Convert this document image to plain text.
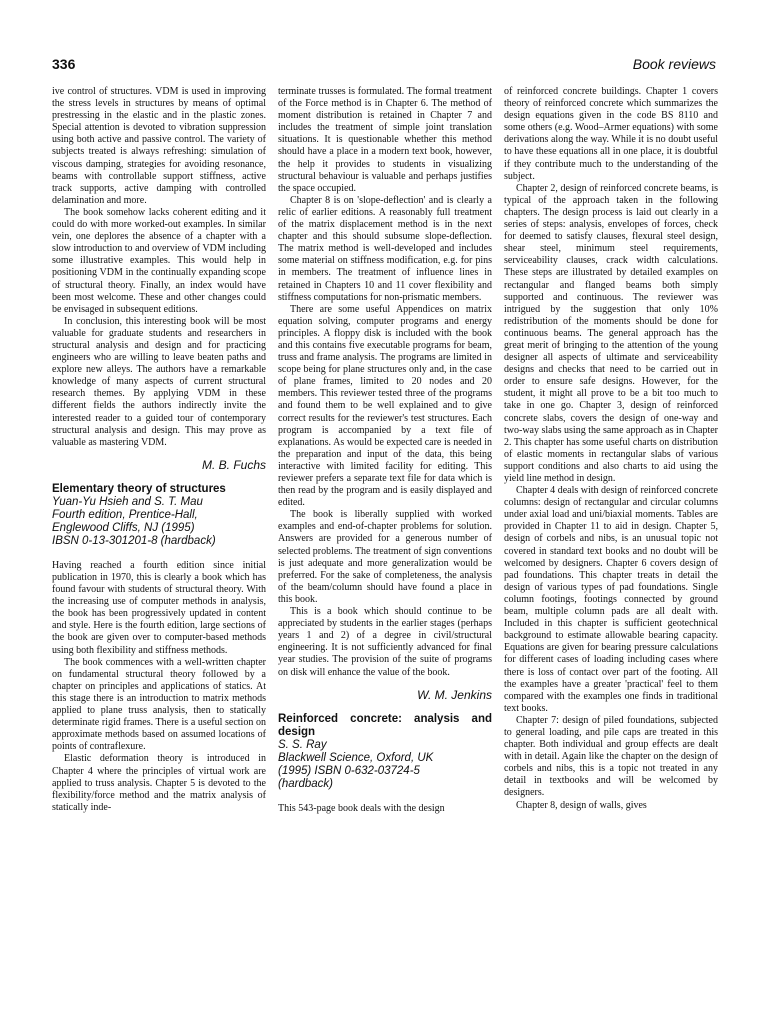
336	Book reviews

ive control of structures. VDM is used in improving the stress levels in structures by means of optimal prestressing in the elastic and in the plastic zones. Special attention is devoted to vibration suppression using both active and passive control. The variety of subjects treated is always refreshing: simulation of viscous damping, strategies for avoiding resonance, beams with controllable support stiffness, active track supports, active damping with controlled delamination and more.

The book somehow lacks coherent editing and it could do with more worked-out examples. In similar vein, one deplores the absence of a chapter with a slow introduction to and overview of VDM including some illustrative examples. This would help in positioning VDM in the continually expanding scope of structural theory. Finally, an index would have been most welcome. These and other changes could be envisaged in subsequent editions.

In conclusion, this interesting book will be most valuable for graduate students and researchers in structural analysis and design and for practicing engineers who are willing to leave beaten paths and explore new alleys. The authors have a remarkable knowledge of many aspects of current structural research themes. By applying VDM in these different fields the authors indirectly invite the interested reader to a guided tour of contemporary structural analysis and design. This may prove as valuable as mastering VDM.

M. B. Fuchs
Elementary theory of structures
Yuan-Yu Hsieh and S. T. Mau
Fourth edition, Prentice-Hall,
Englewood Cliffs, NJ (1995)
IBSN 0-13-301201-8 (hardback)

Having reached a fourth edition since initial publication in 1970, this is clearly a book which has found favour with students of structural theory. With the increasing use of computer methods in analysis, the book has been progressively updated in content and style. Here is the fourth edition, large sections of the book are given over to computer-based methods using both flexibility and stiffness methods.

The book commences with a well-written chapter on fundamental structural theory followed by a chapter on principles and applications of statics. At this stage there is an introduction to matrix methods applied to plane truss analysis, then to statically determinate rigid frames. There is a useful section on approximate methods based on assumed locations of points of contraflexure.

Elastic deformation theory is introduced in Chapter 4 where the principles of virtual work are applied to truss analysis. Chapter 5 is devoted to the flexibility/force method and the matrix analysis of statically inde-

terminate trusses is formulated. The formal treatment of the Force method is in Chapter 6. The method of moment distribution is retained in Chapter 7 and includes the treatment of simple joint translation situations. It is questionable whether this method should have a place in a modern text book, however, the help it provides to students in visualizing structural behaviour is valuable and perhaps justifies the space occupied.

Chapter 8 is on 'slope-deflection' and is clearly a relic of earlier editions. A reasonably full treatment of the matrix displacement method is in the next chapter and this should subsume slope-deflection. The matrix method is well-developed and includes some material on stiffness modification, e.g. for pins in members. The treatment of influence lines in retained in Chapters 10 and 11 cover flexibility and stiffness computations for non-prismatic members.

There are some useful Appendices on matrix equation solving, computer programs and energy principles. A floppy disk is included with the book and this contains five executable programs for beam, truss and frame analysis. The programs are limited in scope being for plane structures only and, in the case of plane frames, limited to 20 nodes and 20 members. This reviewer tested three of the programs and found them to be well explained and to give correct results for the reviewer's test structures. Each program is accompanied by a text file of explanations. As would be expected care is needed in the preparation and input of the data, this being interactive with limited facility for editing. This reviewer prefers a separate text file for data which is then read by the program and is easily displayed and edited.

The book is liberally supplied with worked examples and end-of-chapter problems for solution. Answers are provided for a generous number of selected problems. The treatment of sign conventions is just adequate and more generalization would be preferred. For the sake of completeness, the analysis of the beam/column should have found a place in this book.

This is a book which should continue to be appreciated by students in the earlier stages (perhaps years 1 and 2) of a degree in civil/structural engineering. It is not sufficiently advanced for final year studies. The provision of the suite of programs on disk will enhance the value of the book.

W. M. Jenkins
Reinforced concrete: analysis and design
S. S. Ray
Blackwell Science, Oxford, UK
(1995) ISBN 0-632-03724-5
(hardback)

This 543-page book deals with the design

of reinforced concrete buildings. Chapter 1 covers theory of reinforced concrete which summarizes the design equations given in the code BS 8110 and some others (e.g. Wood–Armer equations) with some derivations along the way. While it is no doubt useful to have these equations all in one place, it is doubtful if they contribute much to the understanding of the subject.

Chapter 2, design of reinforced concrete beams, is typical of the approach taken in the following chapters. The design process is laid out clearly in a series of steps: analysis, envelopes of forces, check for deemed to satisfy clauses, flexural steel design, shear steel, minimum steel requirements, serviceability clauses, crack width calculations. These steps are illustrated by detailed examples on rectangular and flanged beams both simply supported and continuous. The reviewer was intrigued by the suggestion that only 10% redistribution of the moments should be done for continuous beams. The general approach has the great merit of bringing to the attention of the young designer all aspects of ultimate and serviceability designs and checks that need to be carried out in order to ensure safe designs. However, for the student, it might all prove to be a bit too much to take in one go. Chapter 3, design of reinforced concrete slabs, covers the design of one-way and two-way slabs using the same approach as in Chapter 2. This chapter has some useful charts on distribution of elastic moments in rectangular slabs of various support conditions and also charts to aid using the yield line method in design.

Chapter 4 deals with design of reinforced concrete columns: design of rectangular and circular columns under axial load and uni/biaxial moments. Tables are provided in Chapter 11 to aid in design. Chapter 5, design of corbels and nibs, is an unusual topic not covered in standard text books and no doubt will be welcomed by designers. Chapter 6 covers design of pad foundations. This chapter treats in detail the design of various types of pad foundations. Single column footings, footings connected by ground beam, multiple column pads are all dealt with. Included in this chapter is sufficient geotechnical background to estimate allowable bearing capacity. Equations are given for bearing pressure calculations for different cases of loading including cases where there is loss of contact over part of the footing. All the examples have a greater 'practical' feel to them compared with the examples one finds in traditional text books.

Chapter 7: design of piled foundations, subjected to general loading, and pile caps are treated in this chapter. Both individual and group effects are dealt with in detail. Again like the chapter on the design of corbels and nibs, this is a topic not treated in any detail in textbooks and will be welcomed by designers.

Chapter 8, design of walls, gives
